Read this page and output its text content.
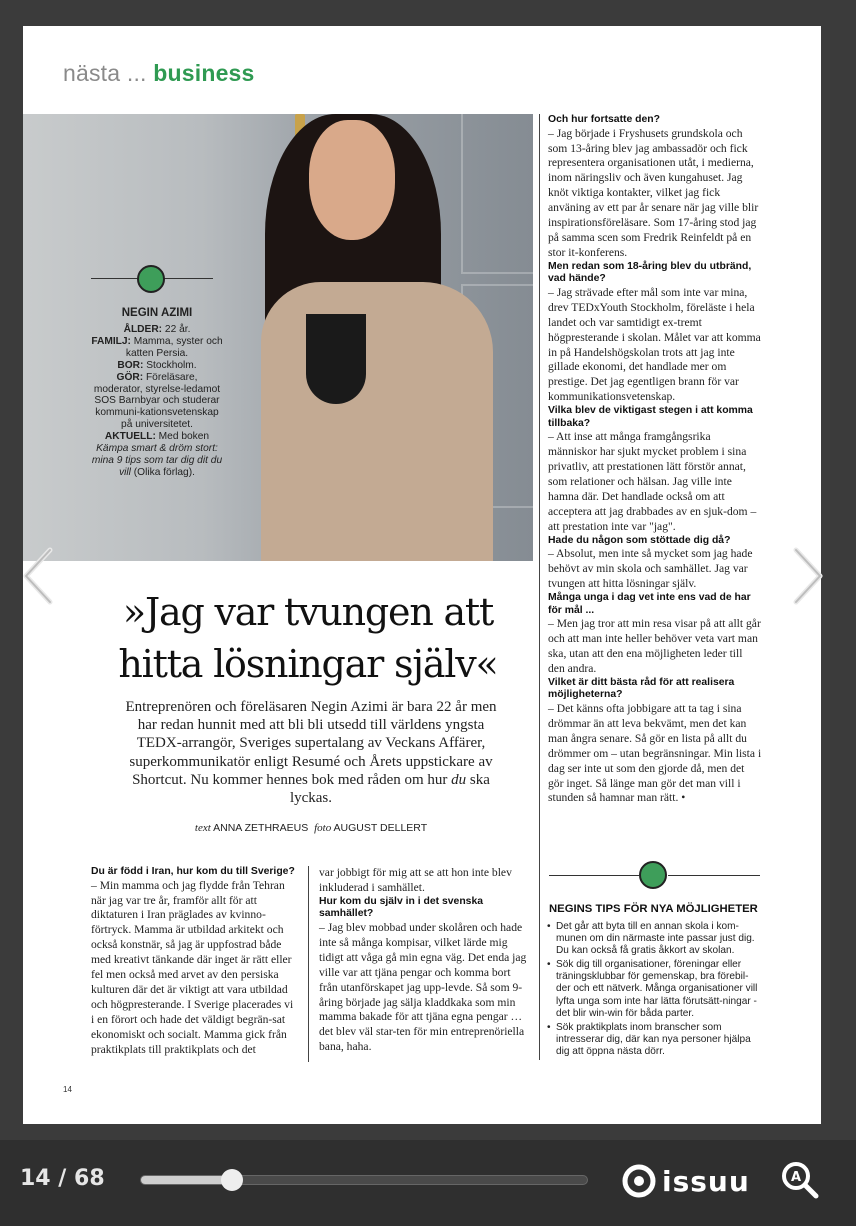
nästa ... business
NEGIN AZIMI
ÅLDER: 22 år.
FAMILJ: Mamma, syster och katten Persia.
BOR: Stockholm.
GÖR: Föreläsare, moderator, styrelse-ledamot SOS Barnbyar och studerar kommuni-kationsvetenskap på universitetet.
AKTUELL: Med boken Kämpa smart & dröm stort: mina 9 tips som tar dig dit du vill (Olika förlag).
»Jag var tvungen att
hitta lösningar själv«
Entreprenören och föreläsaren Negin Azimi är bara 22 år men har redan hunnit med att bli bli utsedd till världens yngsta TEDX-arrangör, Sveriges supertalang av Veckans Affärer, superkommunikatör enligt Resumé och Årets uppstickare av Shortcut. Nu kommer hennes bok med råden om hur du ska lyckas.
text ANNA ZETHRAEUS foto AUGUST DELLERT

Du är född i Iran, hur kom du till Sverige?

– Min mamma och jag flydde från Tehran när jag var tre år, framför allt för att diktaturen i Iran präglades av kvinno-förtryck. Mamma är utbildad arkitekt och också konstnär, så jag är uppfostrad både med kreativt tänkande där inget är rätt eller fel men också med arvet av den persiska kulturen där det är viktigt att vara utbildad och högpresterande. I Sverige placerades vi i en förort och hade det väldigt begrän-sat ekonomiskt och socialt. Mamma gick från praktikplats till praktikplats och det

var jobbigt för mig att se att hon inte blev inkluderad i samhället.

Hur kom du själv in i det svenska samhället?

– Jag blev mobbad under skolåren och hade inte så många kompisar, vilket lärde mig tidigt att våga gå min egna väg. Det enda jag ville var att tjäna pengar och komma bort från utanförskapet jag upp-levde. Så som 9-åring började jag sälja kladdkaka som min mamma bakade för att tjäna egna pengar … det blev väl star-ten för min entreprenöriella bana, haha.

Och hur fortsatte den?

– Jag började i Fryshusets grundskola och som 13-åring blev jag ambassadör och fick representera organisationen utåt, i medierna, inom näringsliv och även kungahuset. Jag knöt viktiga kontakter, vilket jag fick använing av ett par år senare när jag ville blir inspirationsföreläsare. Som 17-åring stod jag på samma scen som Fredrik Reinfeldt på en stor it-konferens.

Men redan som 18-åring blev du utbränd, vad hände?

– Jag strävade efter mål som inte var mina, drev TEDxYouth Stockholm, föreläste i hela landet och var samtidigt ex-tremt högpresterande i skolan. Målet var att komma in på Handelshögskolan trots att jag inte gillade ekonomi, det handlade mer om prestige. Det jag egentligen brann för var kommunikationsvetenskap.

Vilka blev de viktigast stegen i att komma tillbaka?

– Att inse att många framgångsrika människor har sjukt mycket problem i sina privatliv, att prestationen lätt förstör annat, som relationer och hälsan. Jag ville inte hamna där. Det handlade också om att acceptera att jag drabbades av en sjuk-dom – att prestation inte var "jag".

Hade du någon som stöttade dig då?

– Absolut, men inte så mycket som jag hade behövt av min skola och samhället. Jag var tvungen att hitta lösningar själv.

Många unga i dag vet inte ens vad de har för mål ...

– Men jag tror att min resa visar på att allt går och att man inte heller behöver veta vart man ska, utan att den ena möjligheten leder till den andra.

Vilket är ditt bästa råd för att realisera möjligheterna?

– Det känns ofta jobbigare att ta tag i sina drömmar än att leva bekvämt, men det kan man ångra senare. Så gör en lista på allt du drömmer om – utan begränsningar. Min lista i dag ser inte ut som den gjorde då, men det gör inget. Så länge man gör det man vill i stunden så hamnar man rätt. •

NEGINS TIPS FÖR NYA MÖJLIGHETER
• Det går att byta till en annan skola i kom-munen om din närmaste inte passar just dig. Du kan också få gratis åkkort av skolan.
• Sök dig till organisationer, föreningar eller träningsklubbar för gemenskap, bra förebil-der och ett nätverk. Många organisationer vill lyfta unga som inte har lätta förutsätt-ningar - det blir win-win för båda parter.
• Sök praktikplats inom branscher som intresserar dig, där kan nya personer hjälpa dig att öppna nästa dörr.
14
14 / 68	issuu	A
